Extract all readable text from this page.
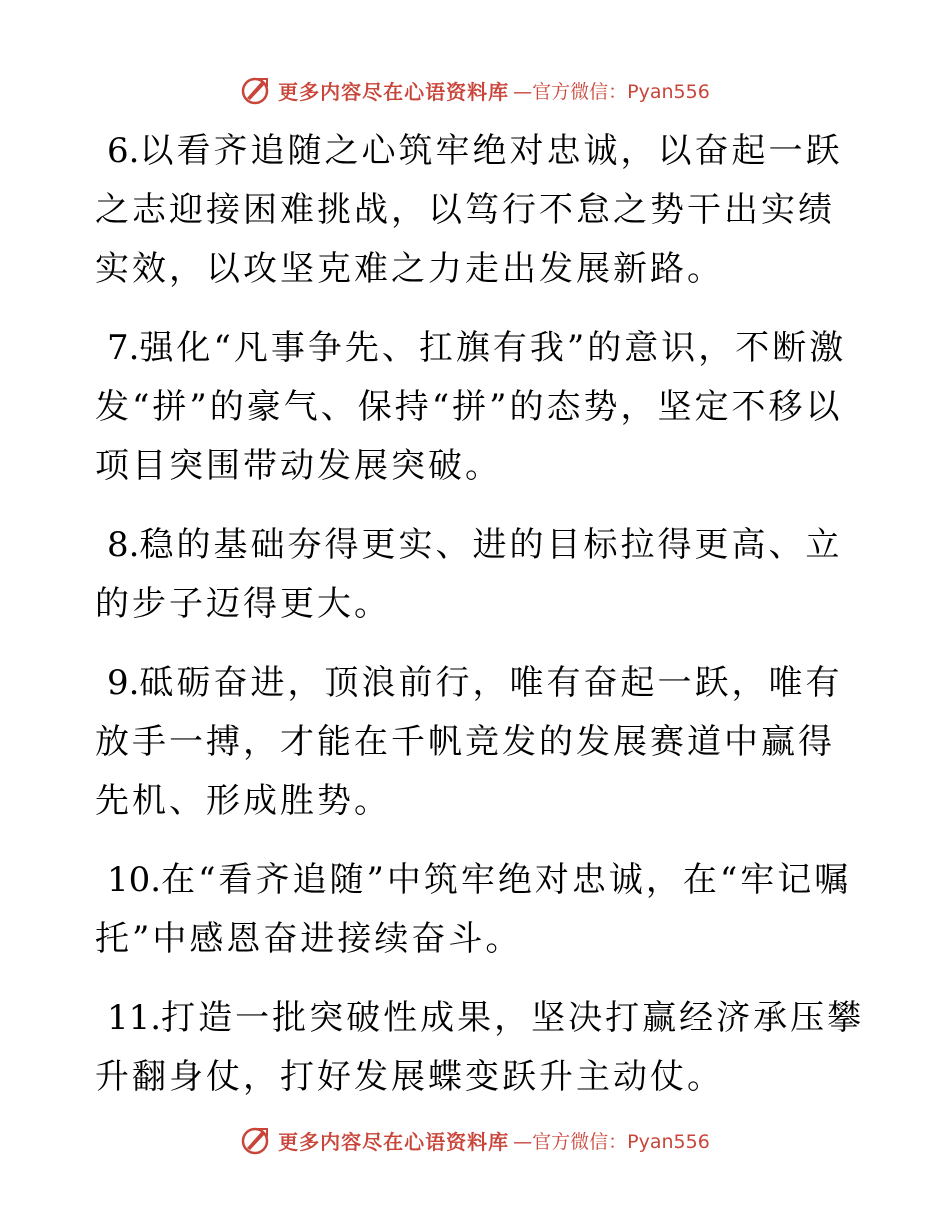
更多内容尽在心语资料库 —官方微信：Pyan556

6.以看齐追随之心筑牢绝对忠诚，以奋起一跃之志迎接困难挑战，以笃行不怠之势干出实绩实效，以攻坚克难之力走出发展新路。

7.强化“凡事争先、扛旗有我”的意识，不断激发“拼”的豪气、保持“拼”的态势，坚定不移以项目突围带动发展突破。

8.稳的基础夯得更实、进的目标拉得更高、立的步子迈得更大。

9.砥砺奋进，顶浪前行，唯有奋起一跃，唯有放手一搏，才能在千帆竞发的发展赛道中赢得先机、形成胜势。

10.在“看齐追随”中筑牢绝对忠诚，在“牢记嘱托”中感恩奋进接续奋斗。

11.打造一批突破性成果，坚决打赢经济承压攀升翻身仗，打好发展蝶变跃升主动仗。

更多内容尽在心语资料库 —官方微信：Pyan556
